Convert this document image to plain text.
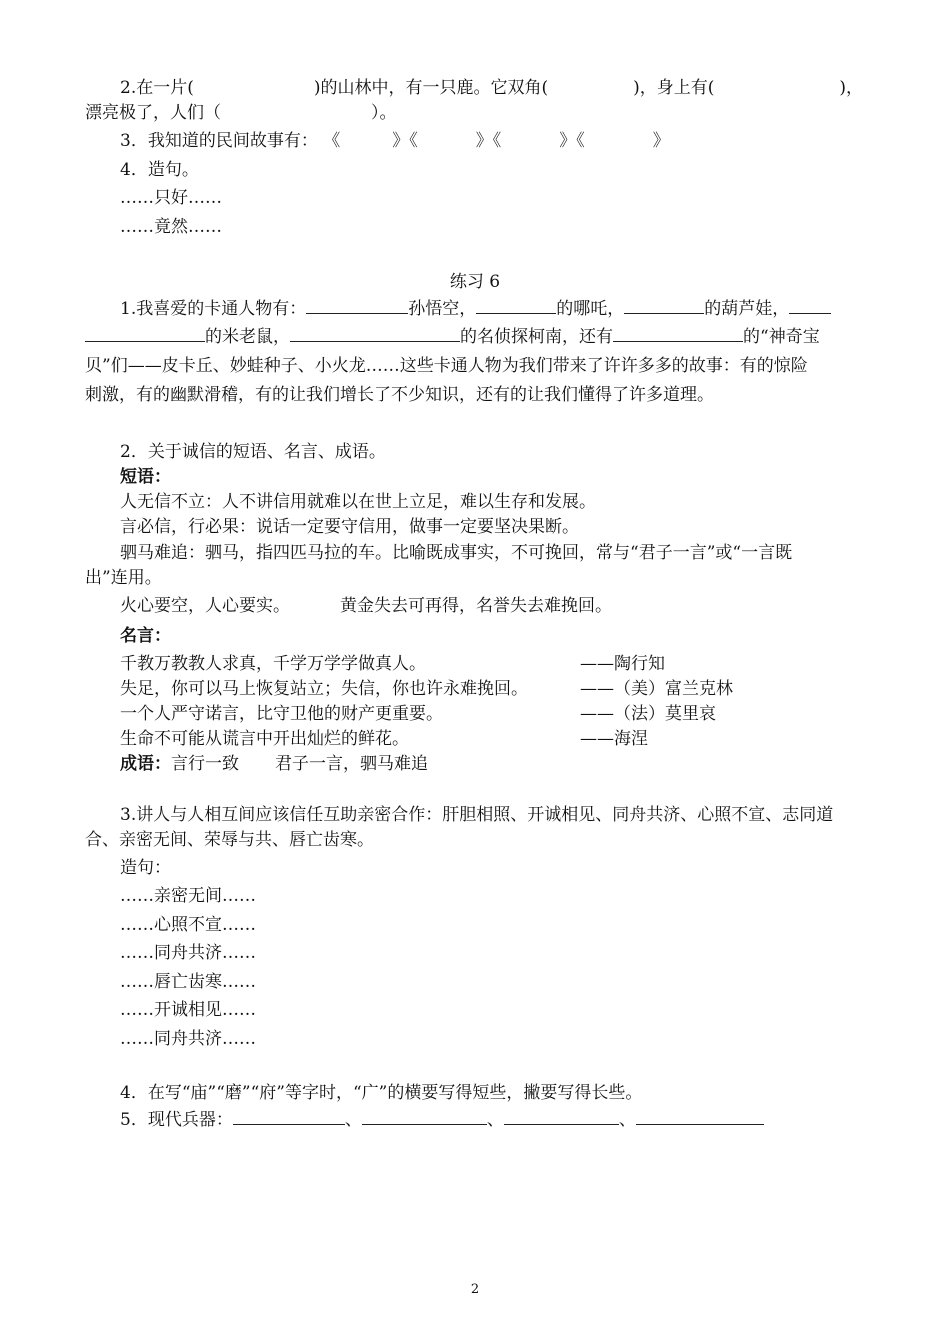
2.在一片(	)的山林中，有一只鹿。它双角(	)，身上有(	)，
漂亮极了，人们（	）。
3．我知道的民间故事有： 《	》《	》《	》《	》
4．造句。
……只好……
……竟然……
练习 6
1.我喜爱的卡通人物有：	孙悟空，	的哪吒，	的葫芦娃，
的米老鼠，	的名侦探柯南，还有	的“神奇宝
贝”们——皮卡丘、妙蛙种子、小火龙……这些卡通人物为我们带来了许许多多的故事：有的惊险
刺激，有的幽默滑稽，有的让我们增长了不少知识，还有的让我们懂得了许多道理。
2．关于诚信的短语、名言、成语。
短语：
人无信不立：人不讲信用就难以在世上立足，难以生存和发展。
言必信，行必果：说话一定要守信用，做事一定要坚决果断。
驷马难追：驷马，指四匹马拉的车。比喻既成事实，不可挽回，常与“君子一言”或“一言既
出”连用。
火心要空，人心要实。	黄金失去可再得，名誉失去难挽回。
名言：
千教万教教人求真，千学万学学做真人。	——陶行知
失足，你可以马上恢复站立；失信，你也许永难挽回。	——（美）富兰克林
一个人严守诺言，比守卫他的财产更重要。	——（法）莫里哀
生命不可能从谎言中开出灿烂的鲜花。	——海涅
成语：言行一致 君子一言，驷马难追
3.讲人与人相互间应该信任互助亲密合作：肝胆相照、开诚相见、同舟共济、心照不宣、志同道
合、亲密无间、荣辱与共、唇亡齿寒。
造句：
……亲密无间……
……心照不宣……
……同舟共济……
……唇亡齿寒……
……开诚相见……
……同舟共济……
4．在写“庙”“磨”“府”等字时，“广”的横要写得短些，撇要写得长些。
5．现代兵器：	、	、	、
2
